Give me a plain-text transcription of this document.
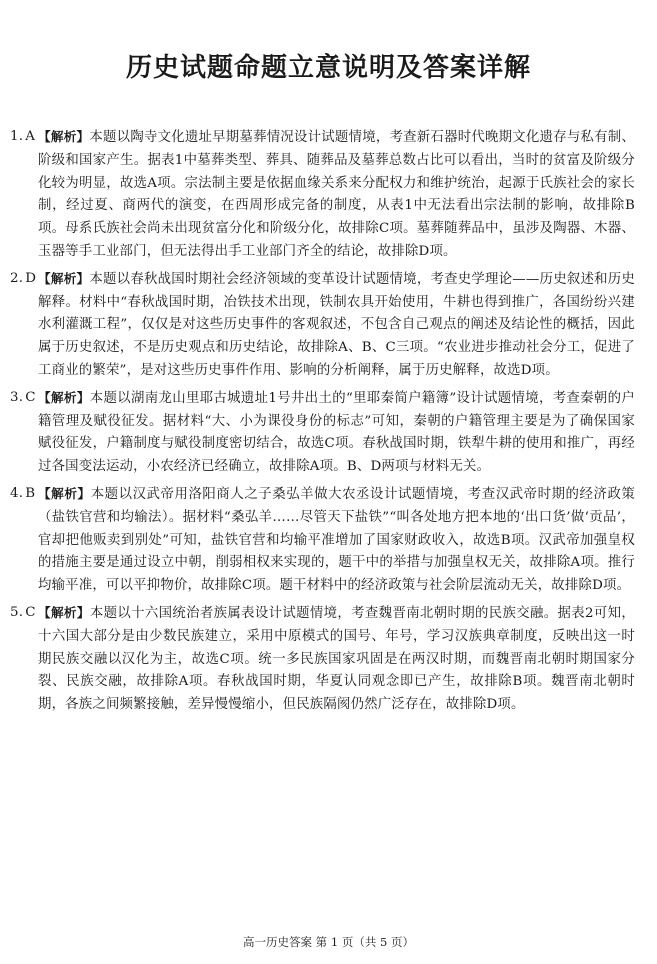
历史试题命题立意说明及答案详解
1. A 【解析】本题以陶寺文化遗址早期墓葬情况设计试题情境，考查新石器时代晚期文化遗存与私有制、阶级和国家产生。据表1中墓葬类型、葬具、随葬品及墓葬总数占比可以看出，当时的贫富及阶级分化较为明显，故选A项。宗法制主要是依据血缘关系来分配权力和维护统治，起源于氏族社会的家长制，经过夏、商两代的演变，在西周形成完备的制度，从表1中无法看出宗法制的影响，故排除B项。母系氏族社会尚未出现贫富分化和阶级分化，故排除C项。墓葬随葬品中，虽涉及陶器、木器、玉器等手工业部门，但无法得出手工业部门齐全的结论，故排除D项。
2. D 【解析】本题以春秋战国时期社会经济领域的变革设计试题情境，考查史学理论——历史叙述和历史解释。材料中“春秋战国时期，冶铁技术出现，铁制农具开始使用，牛耕也得到推广，各国纷纷兴建水利灌溉工程”，仅仅是对这些历史事件的客观叙述，不包含自己观点的阐述及结论性的概括，因此属于历史叙述，不是历史观点和历史结论，故排除A、B、C三项。“农业进步推动社会分工，促进了工商业的繁荣”，是对这些历史事件作用、影响的分析阐释，属于历史解释，故选D项。
3. C 【解析】本题以湖南龙山里耶古城遗址1号井出土的“里耶秦简户籍簿”设计试题情境，考查秦朝的户籍管理及赋役征发。据材料“大、小为课役身份的标志”可知，秦朝的户籍管理主要是为了确保国家赋役征发，户籍制度与赋役制度密切结合，故选C项。春秋战国时期，铁犁牛耕的使用和推广，再经过各国变法运动，小农经济已经确立，故排除A项。B、D两项与材料无关。
4. B 【解析】本题以汉武帝用洛阳商人之子桑弘羊做大农丞设计试题情境，考查汉武帝时期的经济政策（盐铁官营和均输法）。据材料“桑弘羊……尽管天下盐铁”“叫各处地方把本地的‘出口货’做‘贡品’，官却把他贩卖到别处”可知，盐铁官营和均输平准增加了国家财政收入，故选B项。汉武帝加强皇权的措施主要是通过设立中朝，削弱相权来实现的，题干中的举措与加强皇权无关，故排除A项。推行均输平准，可以平抑物价，故排除C项。题干材料中的经济政策与社会阶层流动无关，故排除D项。
5. C 【解析】本题以十六国统治者族属表设计试题情境，考查魏晋南北朝时期的民族交融。据表2可知，十六国大部分是由少数民族建立，采用中原模式的国号、年号，学习汉族典章制度，反映出这一时期民族交融以汉化为主，故选C项。统一多民族国家巩固是在两汉时期，而魏晋南北朝时期国家分裂、民族交融，故排除A项。春秋战国时期，华夏认同观念即已产生，故排除B项。魏晋南北朝时期，各族之间频繁接触，差异慢慢缩小，但民族隔阂仍然广泛存在，故排除D项。
高一历史答案 第 1 页（共 5 页）
